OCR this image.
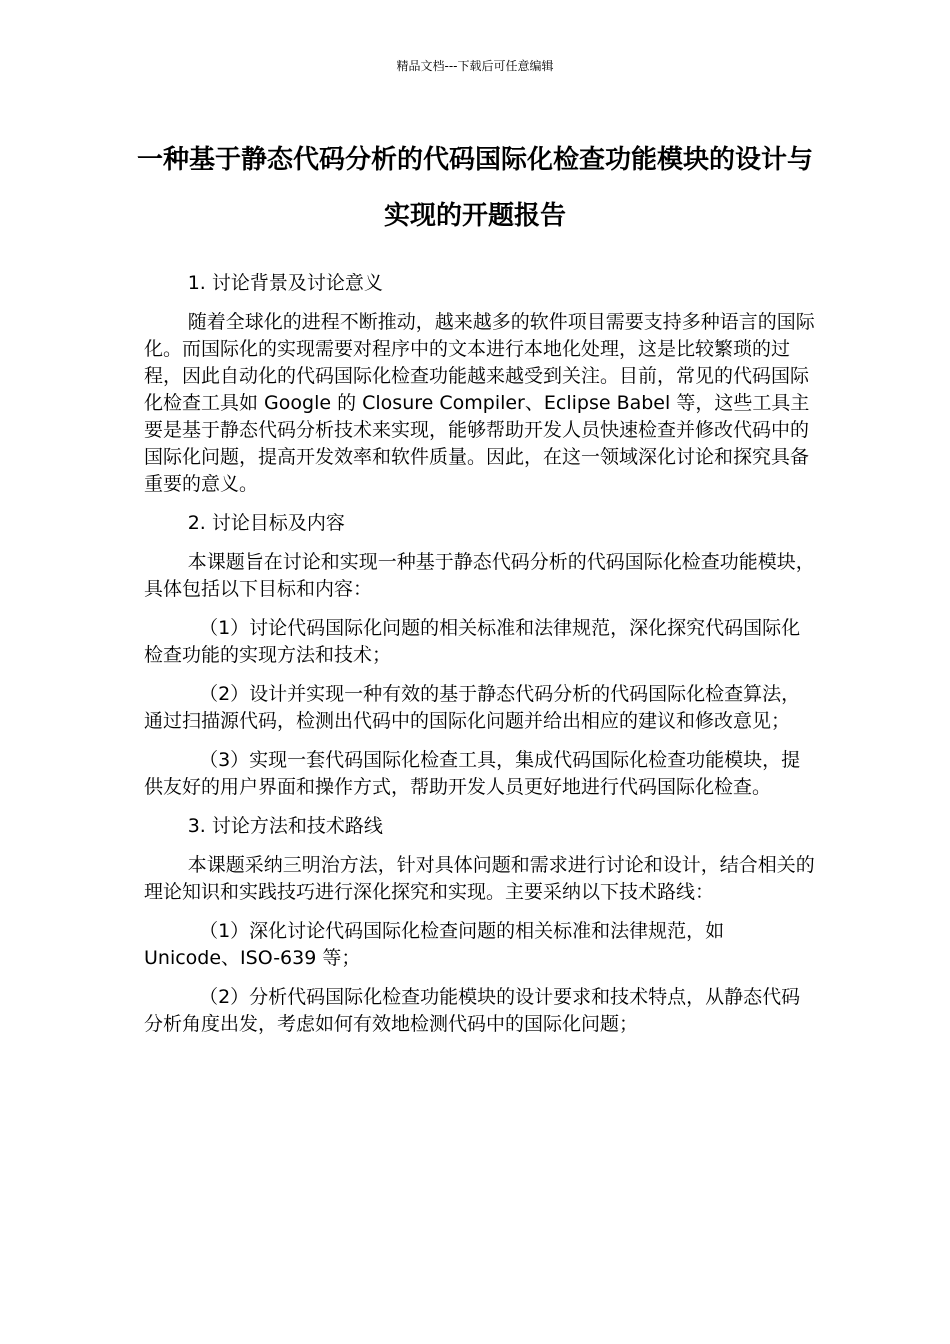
精品文档---下载后可任意编辑
一种基于静态代码分析的代码国际化检查功能模块的设计与实现的开题报告

1. 讨论背景及讨论意义

随着全球化的进程不断推动，越来越多的软件项目需要支持多种语言的国际化。而国际化的实现需要对程序中的文本进行本地化处理，这是比较繁琐的过程，因此自动化的代码国际化检查功能越来越受到关注。目前，常见的代码国际化检查工具如 Google 的 Closure Compiler、Eclipse Babel 等，这些工具主要是基于静态代码分析技术来实现，能够帮助开发人员快速检查并修改代码中的国际化问题，提高开发效率和软件质量。因此，在这一领域深化讨论和探究具备重要的意义。

2. 讨论目标及内容

本课题旨在讨论和实现一种基于静态代码分析的代码国际化检查功能模块，具体包括以下目标和内容：

（1）讨论代码国际化问题的相关标准和法律规范，深化探究代码国际化检查功能的实现方法和技术；

（2）设计并实现一种有效的基于静态代码分析的代码国际化检查算法，通过扫描源代码，检测出代码中的国际化问题并给出相应的建议和修改意见；

（3）实现一套代码国际化检查工具，集成代码国际化检查功能模块，提供友好的用户界面和操作方式，帮助开发人员更好地进行代码国际化检查。

3. 讨论方法和技术路线

本课题采纳三明治方法，针对具体问题和需求进行讨论和设计，结合相关的理论知识和实践技巧进行深化探究和实现。主要采纳以下技术路线：

（1）深化讨论代码国际化检查问题的相关标准和法律规范，如 Unicode、ISO-639 等；

（2）分析代码国际化检查功能模块的设计要求和技术特点，从静态代码分析角度出发，考虑如何有效地检测代码中的国际化问题；
